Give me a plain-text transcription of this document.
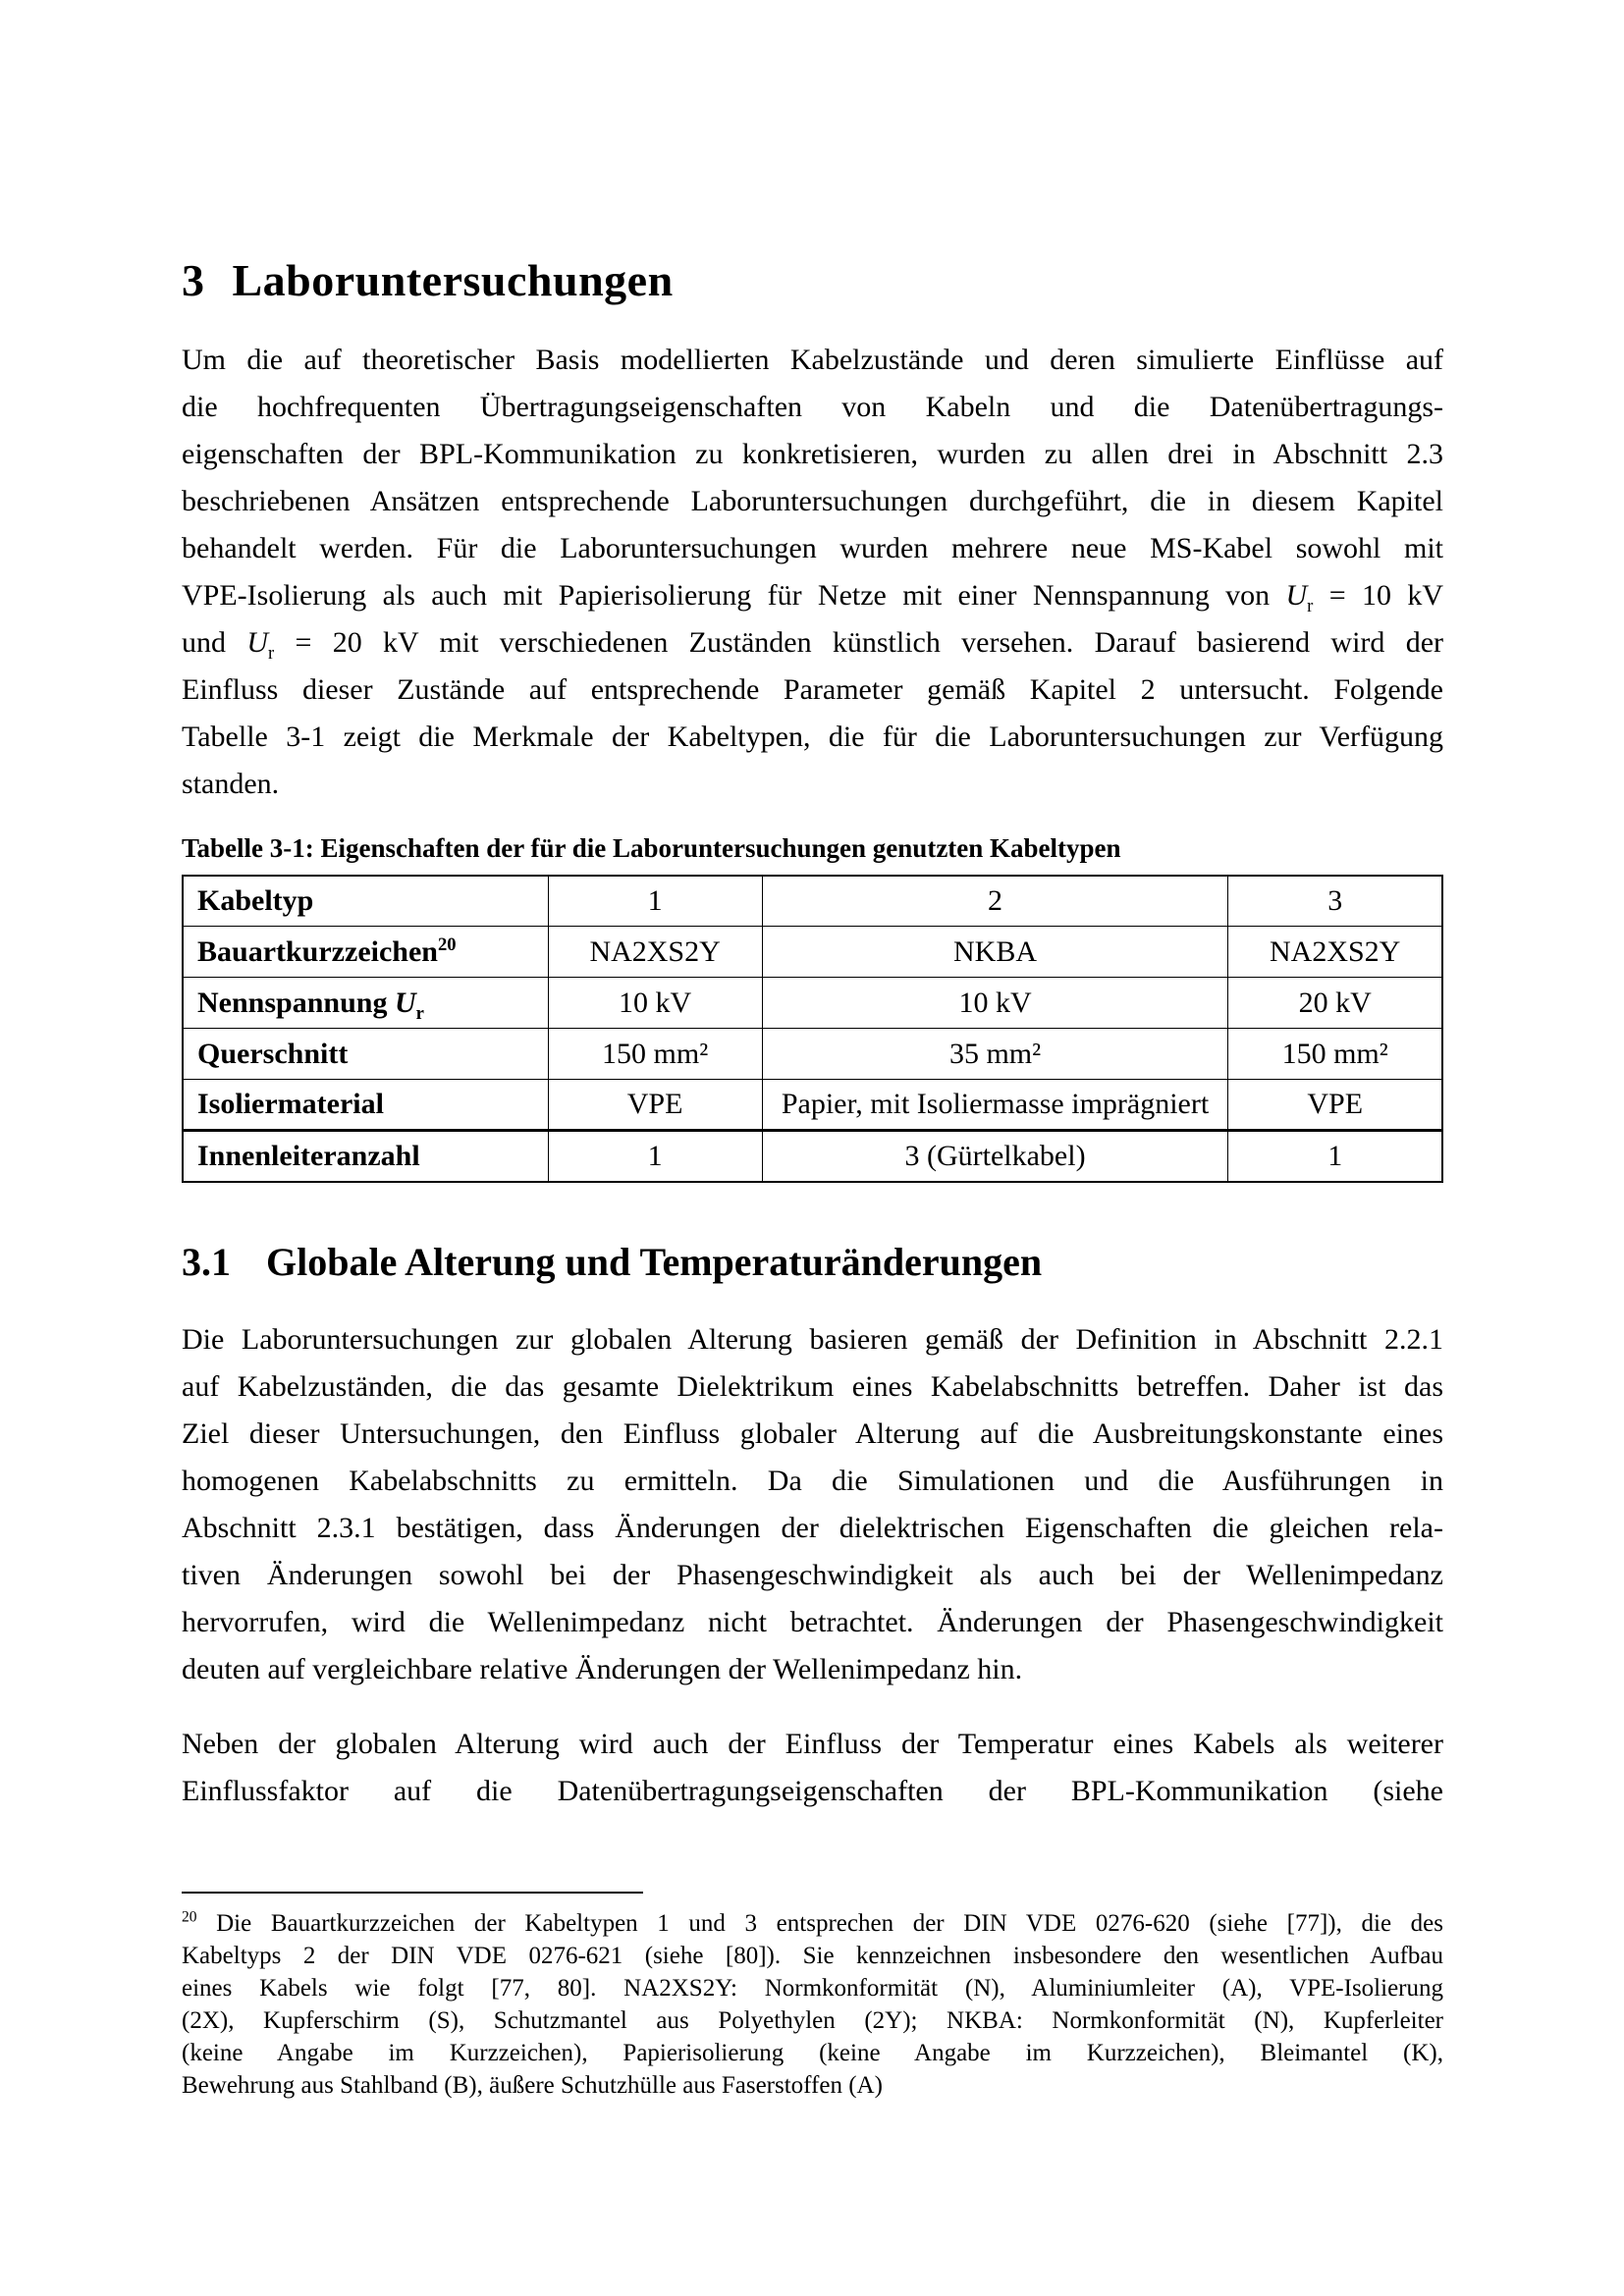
3 Laboruntersuchungen
Um die auf theoretischer Basis modellierten Kabelzustände und deren simulierte Einflüsse auf
die hochfrequenten Übertragungseigenschaften von Kabeln und die Datenübertragungs-
eigenschaften der BPL-Kommunikation zu konkretisieren, wurden zu allen drei in Abschnitt 2.3
beschriebenen Ansätzen entsprechende Laboruntersuchungen durchgeführt, die in diesem Kapitel
behandelt werden. Für die Laboruntersuchungen wurden mehrere neue MS-Kabel sowohl mit
VPE-Isolierung als auch mit Papierisolierung für Netze mit einer Nennspannung von $U_r = 10$ kV
und $U_r = 20$ kV mit verschiedenen Zuständen künstlich versehen. Darauf basierend wird der
Einfluss dieser Zustände auf entsprechende Parameter gemäß Kapitel 2 untersucht. Folgende
Tabelle 3-1 zeigt die Merkmale der Kabeltypen, die für die Laboruntersuchungen zur Verfügung
standen.
Tabelle 3-1: Eigenschaften der für die Laboruntersuchungen genutzten Kabeltypen
Kabeltyp	1	2	3
Bauartkurzzeichen$^{20}$	NA2XS2Y	NKBA	NA2XS2Y
Nennspannung $U_r$	10 kV	10 kV	20 kV
Querschnitt	150 mm²	35 mm²	150 mm²
Isoliermaterial	VPE	Papier, mit Isoliermasse imprägniert	VPE
Innenleiteranzahl	1	3 (Gürtelkabel)	1
3.1 Globale Alterung und Temperaturänderungen
Die Laboruntersuchungen zur globalen Alterung basieren gemäß der Definition in Abschnitt 2.2.1
auf Kabelzuständen, die das gesamte Dielektrikum eines Kabelabschnitts betreffen. Daher ist das
Ziel dieser Untersuchungen, den Einfluss globaler Alterung auf die Ausbreitungskonstante eines
homogenen Kabelabschnitts zu ermitteln. Da die Simulationen und die Ausführungen in
Abschnitt 2.3.1 bestätigen, dass Änderungen der dielektrischen Eigenschaften die gleichen rela-
tiven Änderungen sowohl bei der Phasengeschwindigkeit als auch bei der Wellenimpedanz
hervorrufen, wird die Wellenimpedanz nicht betrachtet. Änderungen der Phasengeschwindigkeit
deuten auf vergleichbare relative Änderungen der Wellenimpedanz hin.
Neben der globalen Alterung wird auch der Einfluss der Temperatur eines Kabels als weiterer
Einflussfaktor auf die Datenübertragungseigenschaften der BPL-Kommunikation (siehe
$^{20}$ Die Bauartkurzzeichen der Kabeltypen 1 und 3 entsprechen der DIN VDE 0276-620 (siehe [77]), die des
Kabeltyps 2 der DIN VDE 0276-621 (siehe [80]). Sie kennzeichnen insbesondere den wesentlichen Aufbau
eines Kabels wie folgt [77, 80]. NA2XS2Y: Normkonformität (N), Aluminiumleiter (A), VPE-Isolierung
(2X), Kupferschirm (S), Schutzmantel aus Polyethylen (2Y); NKBA: Normkonformität (N), Kupferleiter
(keine Angabe im Kurzzeichen), Papierisolierung (keine Angabe im Kurzzeichen), Bleimantel (K),
Bewehrung aus Stahlband (B), äußere Schutzhülle aus Faserstoffen (A)
